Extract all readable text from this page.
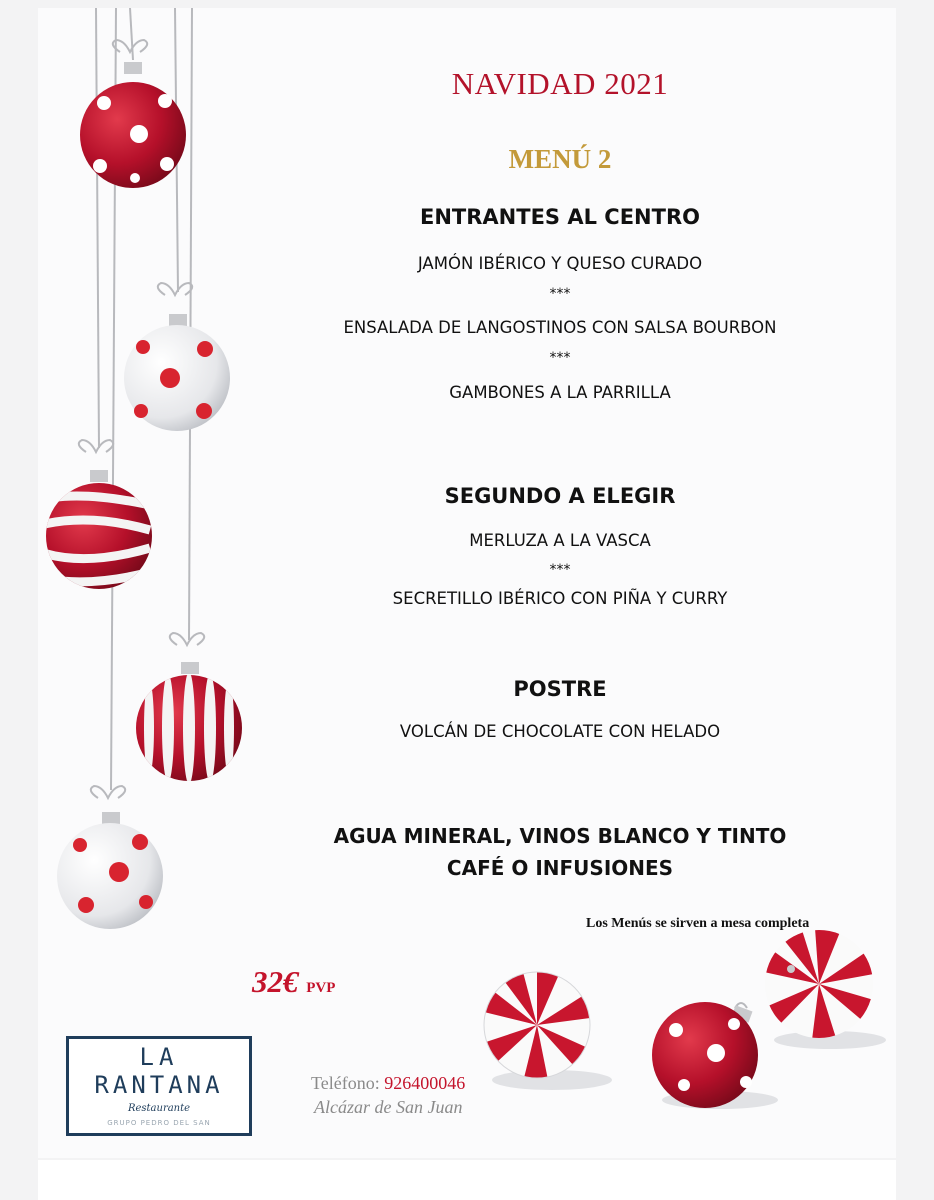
NAVIDAD 2021
MENÚ 2
ENTRANTES AL CENTRO
JAMÓN IBÉRICO Y QUESO CURADO
***
ENSALADA DE LANGOSTINOS CON SALSA BOURBON
***
GAMBONES A LA PARRILLA
SEGUNDO A ELEGIR
MERLUZA A LA VASCA
***
SECRETILLO IBÉRICO CON PIÑA Y CURRY
POSTRE
VOLCÁN DE CHOCOLATE CON HELADO
AGUA MINERAL, VINOS BLANCO Y TINTO
CAFÉ O INFUSIONES
Los Menús se sirven a mesa completa
32€ PVP
LA
RANTANA
Restaurante
GRUPO PEDRO DEL SAN
Teléfono: 926400046
Alcázar de San Juan
